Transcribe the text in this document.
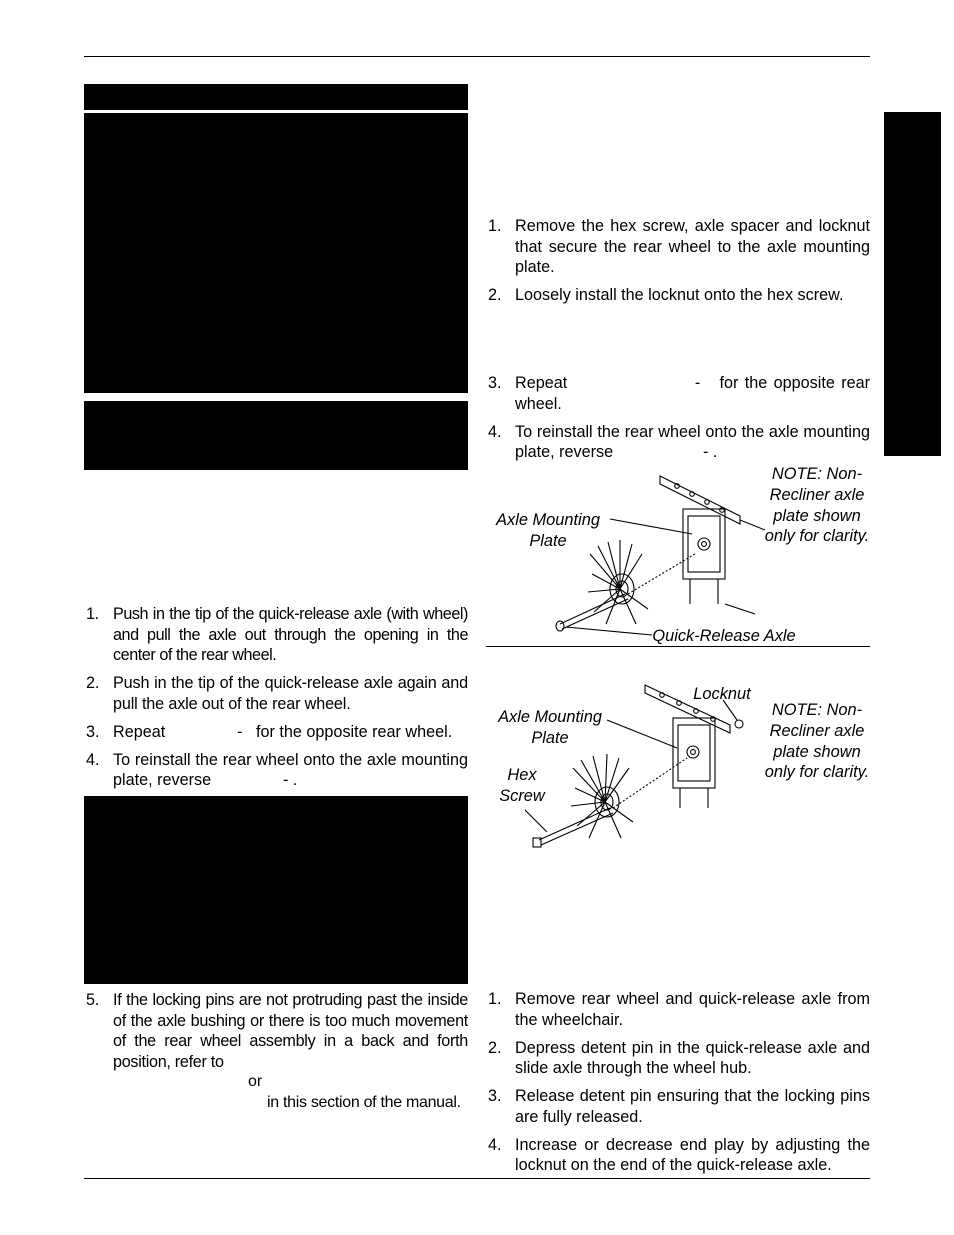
1. Push in the tip of the quick-release axle (with wheel) and pull the axle out through the opening in the center of the rear wheel.
2. Push in the tip of the quick-release axle again and pull the axle out of the rear wheel.
3. Repeat                -   for the opposite rear wheel.
4. To reinstall the rear wheel onto the axle mounting plate, reverse                - .
5. If the locking pins are not protruding past the inside of the axle bushing or there is too much movement of the rear wheel assembly in a back and forth position, refer to
or
in this section of the manual.
1. Remove the hex screw, axle spacer and locknut that secure the rear wheel to the axle mounting plate.
2. Loosely install the locknut onto the hex screw.
3. Repeat                    -   for the opposite rear wheel.
4. To reinstall the rear wheel onto the axle mounting plate, reverse                    - .
Axle Mounting Plate
NOTE: Non-Recliner axle plate shown only for clarity.
Quick-Release Axle
Axle Mounting Plate
Locknut
Hex Screw
NOTE: Non-Recliner axle plate shown only for clarity.
1. Remove rear wheel and quick-release axle from the wheelchair.
2. Depress detent pin in the quick-release axle and slide axle through the wheel hub.
3. Release detent pin ensuring that the locking pins are fully released.
4. Increase or decrease end play by adjusting the locknut on the end of the quick-release axle.
